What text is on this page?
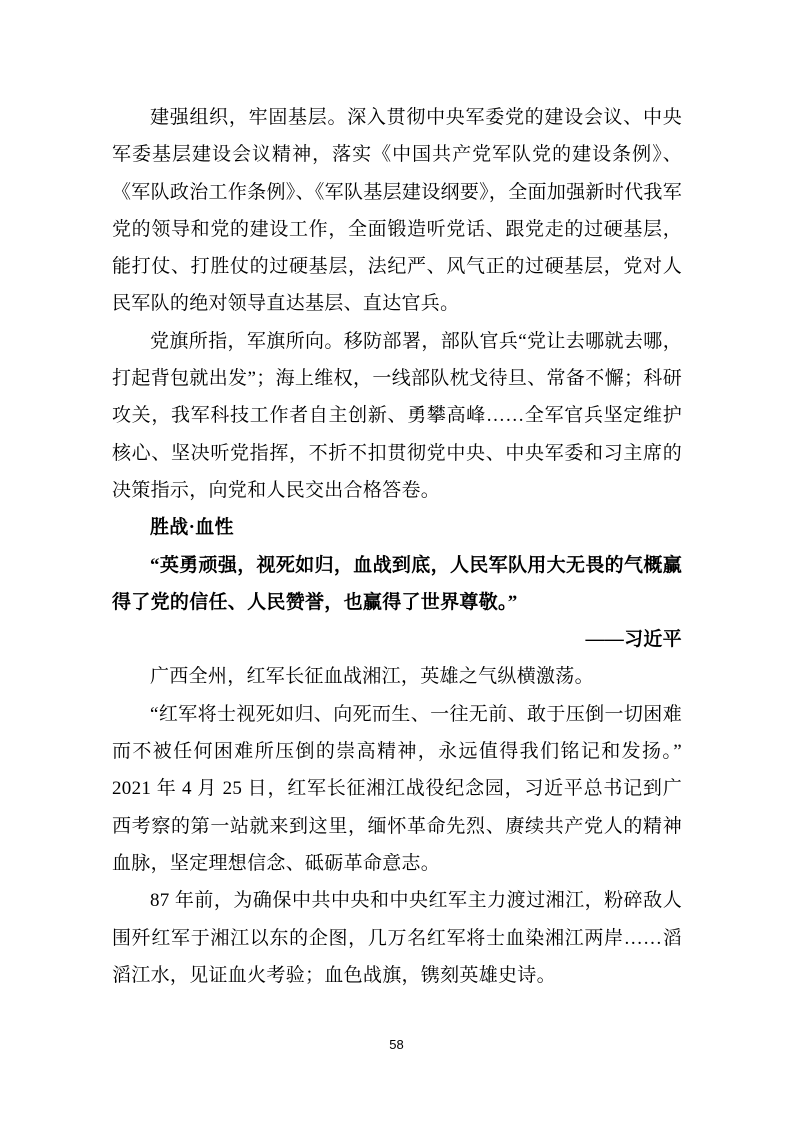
建强组织，牢固基层。深入贯彻中央军委党的建设会议、中央军委基层建设会议精神，落实《中国共产党军队党的建设条例》、《军队政治工作条例》、《军队基层建设纲要》，全面加强新时代我军党的领导和党的建设工作，全面锻造听党话、跟党走的过硬基层，能打仗、打胜仗的过硬基层，法纪严、风气正的过硬基层，党对人民军队的绝对领导直达基层、直达官兵。

党旗所指，军旗所向。移防部署，部队官兵“党让去哪就去哪，打起背包就出发”；海上维权，一线部队枕戈待旦、常备不懈；科研攻关，我军科技工作者自主创新、勇攀高峰……全军官兵坚定维护核心、坚决听党指挥，不折不扣贯彻党中央、中央军委和习主席的决策指示，向党和人民交出合格答卷。

胜战·血性

“英勇顽强，视死如归，血战到底，人民军队用大无畏的气概赢得了党的信任、人民赞誉，也赢得了世界尊敬。”

——习近平

广西全州，红军长征血战湘江，英雄之气纵横激荡。

“红军将士视死如归、向死而生、一往无前、敢于压倒一切困难而不被任何困难所压倒的崇高精神，永远值得我们铭记和发扬。”2021 年 4 月 25 日，红军长征湘江战役纪念园，习近平总书记到广西考察的第一站就来到这里，缅怀革命先烈、赓续共产党人的精神血脉，坚定理想信念、砥砺革命意志。

87 年前，为确保中共中央和中央红军主力渡过湘江，粉碎敌人围歼红军于湘江以东的企图，几万名红军将士血染湘江两岸……滔滔江水，见证血火考验；血色战旗，镌刻英雄史诗。

58
